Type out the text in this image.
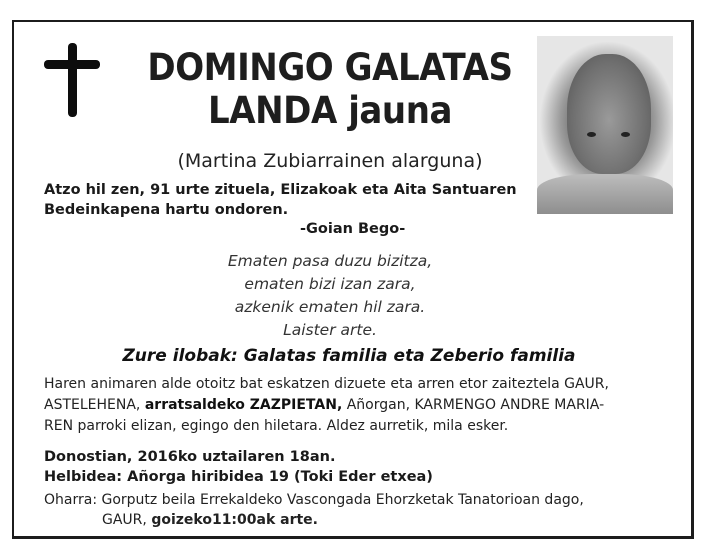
DOMINGO GALATAS
LANDA jauna
(Martina Zubiarrainen alarguna)
Atzo hil zen, 91 urte zituela, Elizakoak eta Aita Santuaren
Bedeinkapena hartu ondoren.
-Goian Bego-
Ematen pasa duzu bizitza,
ematen bizi izan zara,
azkenik ematen hil zara.
Laister arte.
Zure ilobak: Galatas familia eta Zeberio familia
Haren animaren alde otoitz bat eskatzen dizuete eta arren etor zaiteztela GAUR,
ASTELEHENA, arratsaldeko ZAZPIETAN, Añorgan, KARMENGO ANDRE MARIA-
REN parroki elizan, egingo den hiletara. Aldez aurretik, mila esker.
Donostian, 2016ko uztailaren 18an.
Helbidea: Añorga hiribidea 19 (Toki Eder etxea)
Oharra: Gorputz beila Errekaldeko Vascongada Ehorzketak Tanatorioan dago,
GAUR, goizeko11:00ak arte.
